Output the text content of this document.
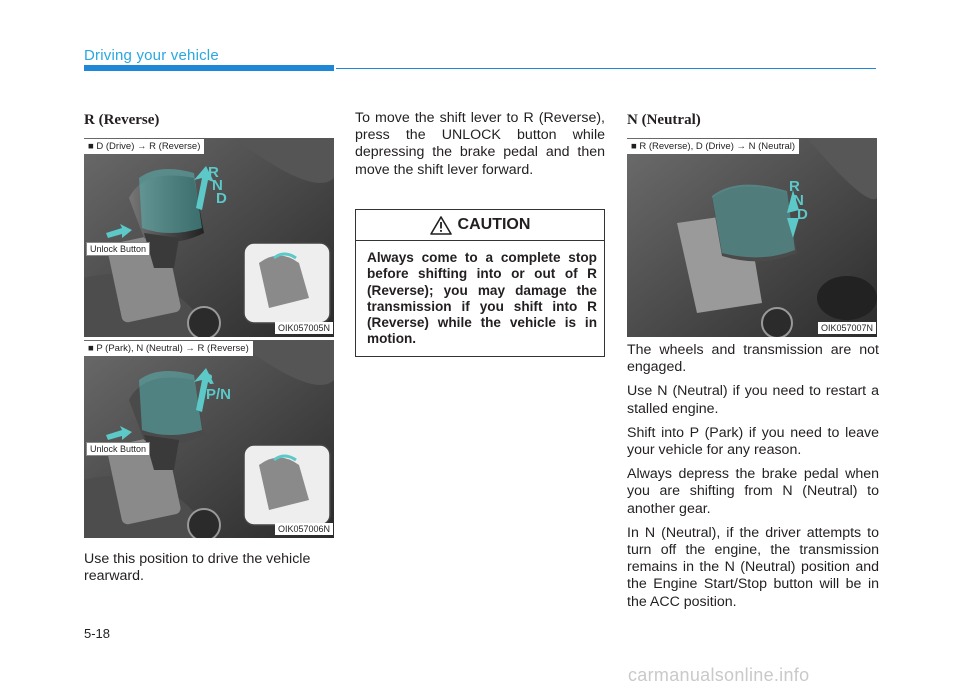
Driving your vehicle
R (Reverse)
R
N
D
■ D (Drive) → R (Reverse)
Unlock Button
OIK057005N
R
P/N
■ P (Park), N (Neutral) → R (Reverse)
Unlock Button
OIK057006N
Use this position to drive the vehicle rearward.
To move the shift lever to R (Reverse), press the UNLOCK button while depressing the brake pedal and then move the shift lever forward.
CAUTION
Always come to a complete stop before shifting into or out of R (Reverse); you may damage the transmission if you shift into R (Reverse) while the vehicle is in motion.
N (Neutral)
R
N
D
■ R (Reverse), D (Drive) → N (Neutral)
OIK057007N

The wheels and transmission are not engaged.

Use N (Neutral) if you need to restart a stalled engine.

Shift into P (Park) if you need to leave your vehicle for any reason.

Always depress the brake pedal when you are shifting from N (Neutral) to another gear.

In N (Neutral), if the driver attempts to turn off the engine, the transmission remains in the N (Neutral) position and the Engine Start/Stop button will be in the ACC position.

5-18
carmanualsonline.info
